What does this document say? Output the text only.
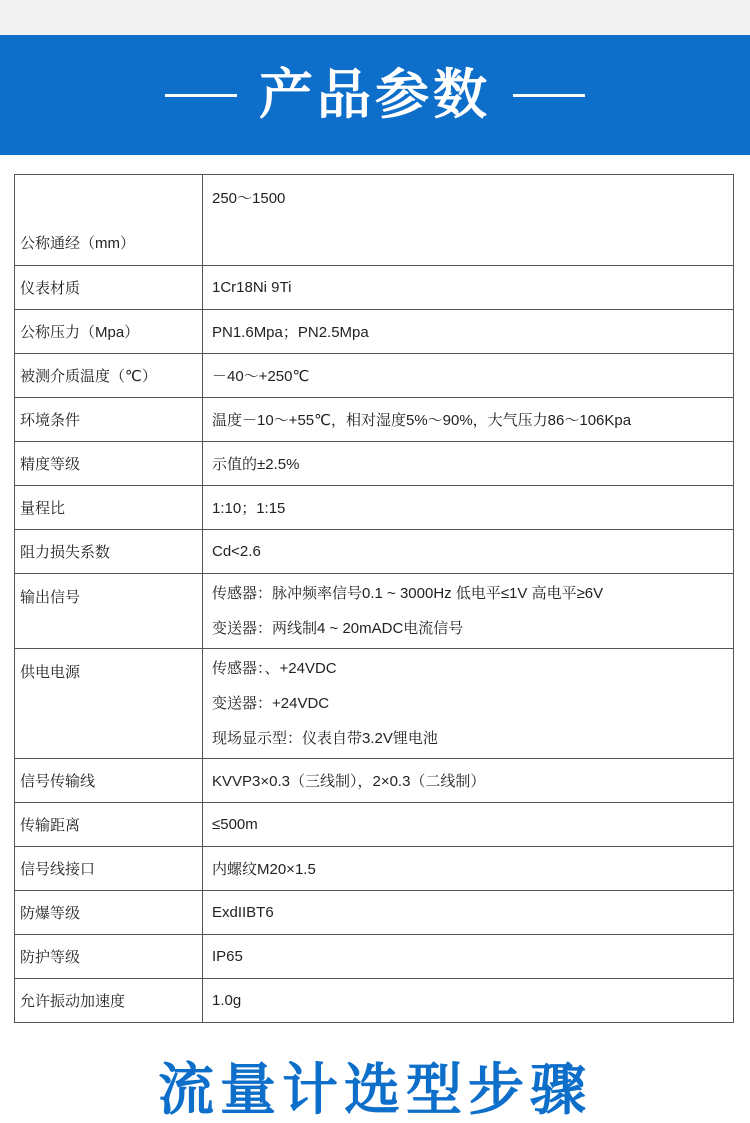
产品参数
公称通经（mm）	250～1500
仪表材质	1Cr18Ni 9Ti
公称压力（Mpa）	PN1.6Mpa；PN2.5Mpa
被测介质温度（℃）	－40～+250℃
环境条件	温度－10～+55℃，相对湿度5%～90%，大气压力86～106Kpa
精度等级	示值的±2.5%
量程比	1:10；1:15
阻力损失系数	Cd<2.6
输出信号	传感器：脉冲频率信号0.1 ~ 3000Hz 低电平≤1V 高电平≥6V
变送器：两线制4 ~ 20mADC电流信号

供电电源	传感器：、+24VDC
变送器：+24VDC
现场显示型：仪表自带3.2V锂电池

信号传输线	KVVP3×0.3（三线制），2×0.3（二线制）
传输距离	≤500m
信号线接口	内螺纹M20×1.5
防爆等级	ExdIIBT6
防护等级	IP65
允许振动加速度	1.0g
流量计选型步骤
